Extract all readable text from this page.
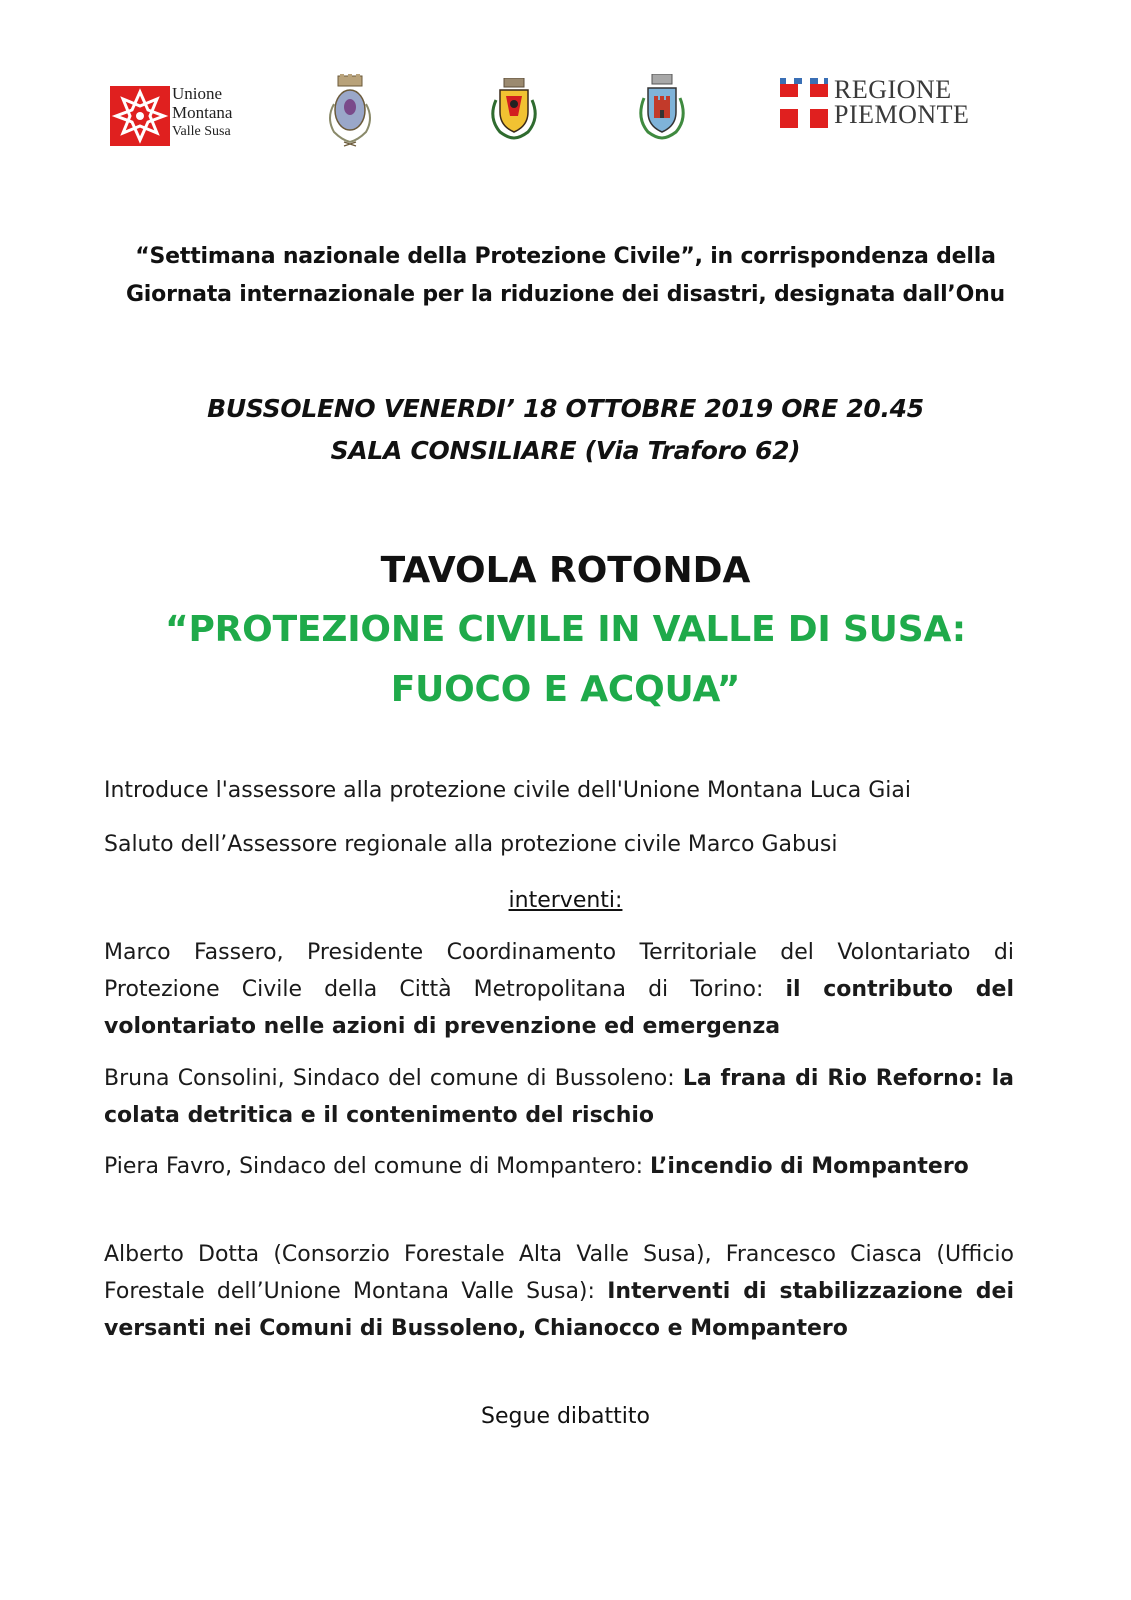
Unione
Montana
Valle Susa
REGIONE
PIEMONTE
“Settimana nazionale della Protezione Civile”, in corrispondenza della
Giornata internazionale per la riduzione dei disastri, designata dall’Onu
BUSSOLENO VENERDI’ 18 OTTOBRE 2019 ORE 20.45
SALA CONSILIARE (Via Traforo 62)
TAVOLA ROTONDA
“PROTEZIONE CIVILE IN VALLE DI SUSA:
FUOCO E ACQUA”
Introduce l'assessore alla protezione civile dell'Unione Montana Luca Giai
Saluto dell’Assessore regionale alla protezione civile Marco Gabusi
interventi:
Marco Fassero, Presidente Coordinamento Territoriale del Volontariato di Protezione Civile della Città Metropolitana di Torino: il contributo del volontariato nelle azioni di prevenzione ed emergenza
Bruna Consolini, Sindaco del comune di Bussoleno: La frana di Rio Reforno: la colata detritica e il contenimento del rischio
Piera Favro, Sindaco del comune di Mompantero: L’incendio di Mompantero
Alberto Dotta (Consorzio Forestale Alta Valle Susa), Francesco Ciasca (Ufficio Forestale dell’Unione Montana Valle Susa): Interventi di stabilizzazione dei versanti nei Comuni di Bussoleno, Chianocco e Mompantero
Segue dibattito
